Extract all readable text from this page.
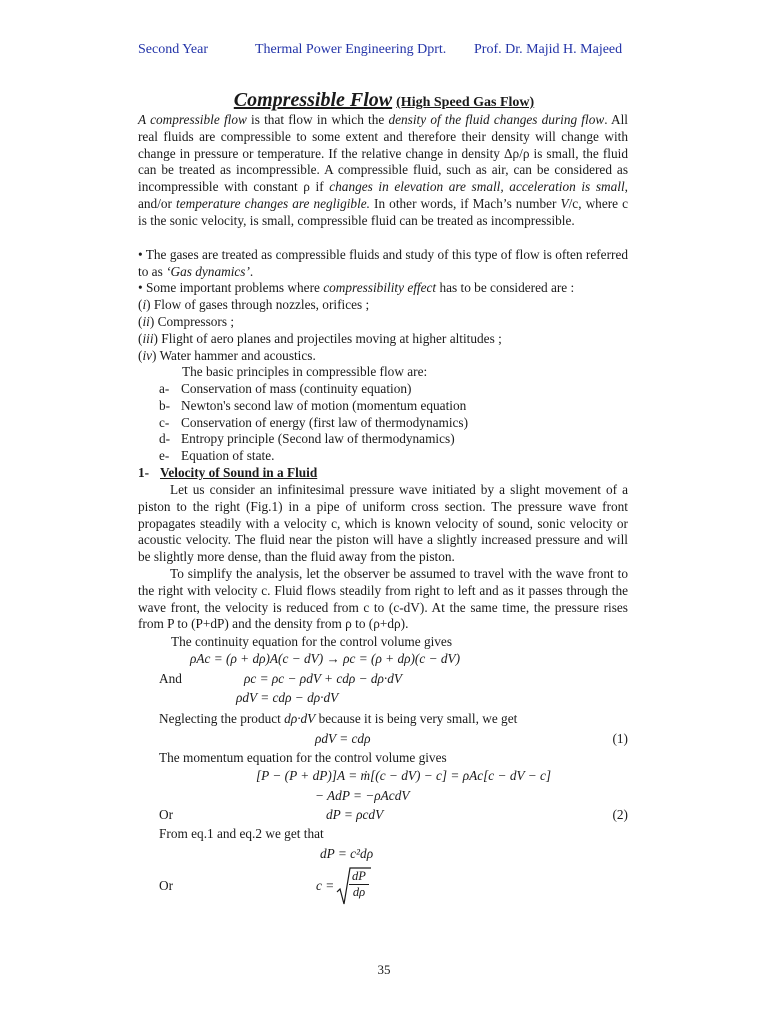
Second Year	Thermal Power Engineering Dprt. Prof. Dr. Majid H. Majeed
Compressible Flow (High Speed Gas Flow)
A compressible flow is that flow in which the density of the fluid changes during flow. All real fluids are compressible to some extent and therefore their density will change with change in pressure or temperature. If the relative change in density Δρ/ρ is small, the fluid can be treated as incompressible. A compressible fluid, such as air, can be considered as incompressible with constant ρ if changes in elevation are small, acceleration is small, and/or temperature changes are negligible. In other words, if Mach’s number V/c, where c is the sonic velocity, is small, compressible fluid can be treated as incompressible.
• The gases are treated as compressible fluids and study of this type of flow is often referred to as ‘Gas dynamics’.
• Some important problems where compressibility effect has to be considered are :
(i) Flow of gases through nozzles, orifices ;
(ii) Compressors ;
(iii) Flight of aero planes and projectiles moving at higher altitudes ;
(iv) Water hammer and acoustics.
The basic principles in compressible flow are:
a- Conservation of mass (continuity equation)
b- Newton's second law of motion (momentum equation
c- Conservation of energy (first law of thermodynamics)
d- Entropy principle (Second law of thermodynamics)
e- Equation of state.
1- Velocity of Sound in a Fluid
Let us consider an infinitesimal pressure wave initiated by a slight movement of a piston to the right (Fig.1) in a pipe of uniform cross section. The pressure wave front propagates steadily with a velocity c, which is known velocity of sound, sonic velocity or acoustic velocity. The fluid near the piston will have a slightly increased pressure and will be slightly more dense, than the fluid away from the piston.
To simplify the analysis, let the observer be assumed to travel with the wave front to the right with velocity c. Fluid flows steadily from right to left and as it passes through the wave front, the velocity is reduced from c to (c-dV). At the same time, the pressure rises from P to (P+dP) and the density from ρ to (ρ+dρ).
The continuity equation for the control volume gives
ρAc = (ρ + dρ)A(c − dV) → ρc = (ρ + dρ)(c − dV)
And	ρc = ρc − ρdV + cdρ − dρ·dV
ρdV = cdρ − dρ·dV
Neglecting the product dρ·dV because it is being very small, we get
ρdV = cdρ	(1)
The momentum equation for the control volume gives
[P − (P + dP)]A = ṁ[(c − dV) − c] = ρAc[c − dV − c]
− AdP = −ρAcdV
Or	dP = ρcdV	(2)
From eq.1 and eq.2 we get that
dP = c²dρ
Or	$c = \frac{dP}{d\rho}$
35
